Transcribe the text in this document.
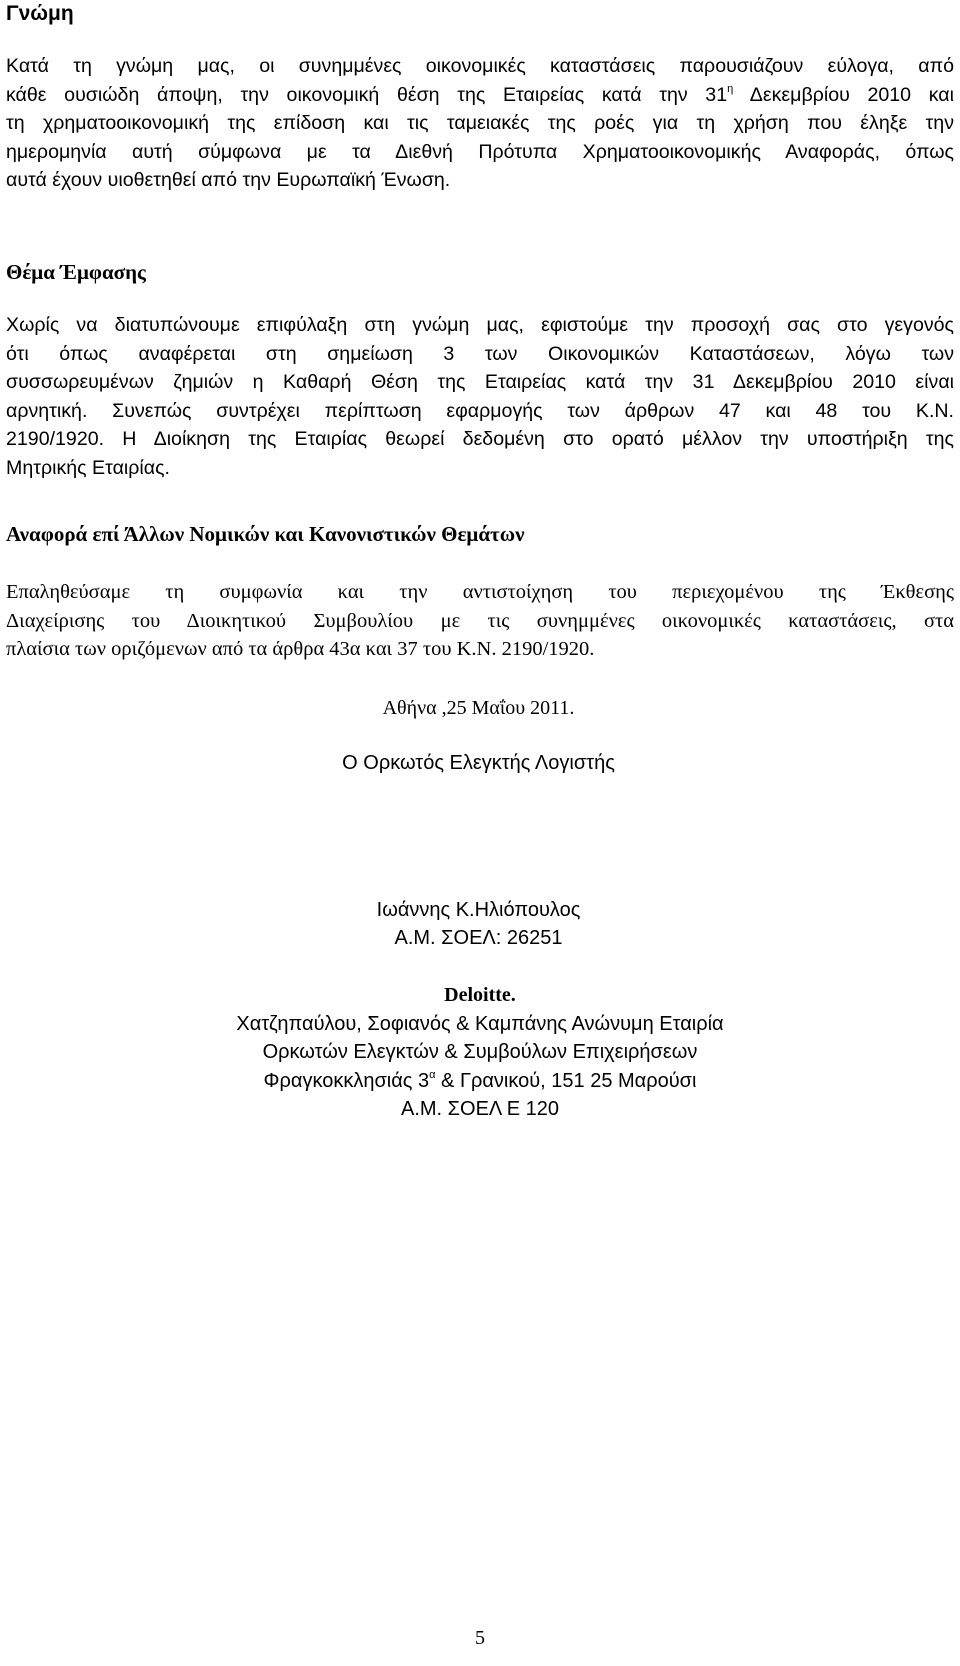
Γνώμη
Κατά τη γνώμη μας, οι συνημμένες οικονομικές καταστάσεις παρουσιάζουν εύλογα, από
κάθε ουσιώδη άποψη, την οικονομική θέση της Εταιρείας κατά την $31^\eta$ Δεκεμβρίου 2010 και
τη χρηματοοικονομική της επίδοση και τις ταμειακές της ροές για τη χρήση που έληξε την
ημερομηνία αυτή σύμφωνα με τα Διεθνή Πρότυπα Χρηματοοικονομικής Αναφοράς, όπως
αυτά έχουν υιοθετηθεί από την Ευρωπαϊκή Ένωση.
Θέμα Έμφασης
Χωρίς να διατυπώνουμε επιφύλαξη στη γνώμη μας, εφιστούμε την προσοχή σας στο γεγονός
ότι όπως αναφέρεται στη σημείωση 3 των Οικονομικών Καταστάσεων, λόγω των
συσσωρευμένων ζημιών η Καθαρή Θέση της Εταιρείας κατά την 31 Δεκεμβρίου 2010 είναι
αρνητική. Συνεπώς συντρέχει περίπτωση εφαρμογής των άρθρων 47 και 48 του Κ.Ν.
2190/1920. Η Διοίκηση της Εταιρίας θεωρεί δεδομένη στο ορατό μέλλον την υποστήριξη της
Μητρικής Εταιρίας.
Αναφορά επί Άλλων Νομικών και Κανονιστικών Θεμάτων
Επαληθεύσαμε τη συμφωνία και την αντιστοίχηση του περιεχομένου της Έκθεσης
Διαχείρισης του Διοικητικού Συμβουλίου με τις συνημμένες οικονομικές καταστάσεις, στα
πλαίσια των οριζόμενων από τα άρθρα 43α και 37 του Κ.Ν. 2190/1920.
Αθήνα ,25 Μαΐου 2011.
Ο Ορκωτός Ελεγκτής Λογιστής
Ιωάννης Κ.Ηλιόπουλος
Α.Μ. ΣΟΕΛ: 26251
Deloitte.
Χατζηπαύλου, Σοφιανός & Καμπάνης Ανώνυμη Εταιρία
Ορκωτών Ελεγκτών & Συμβούλων Επιχειρήσεων
Φραγκοκκλησιάς $3^\alpha$ & Γρανικού, 151 25 Μαρούσι
Α.Μ. ΣΟΕΛ Ε 120
5
